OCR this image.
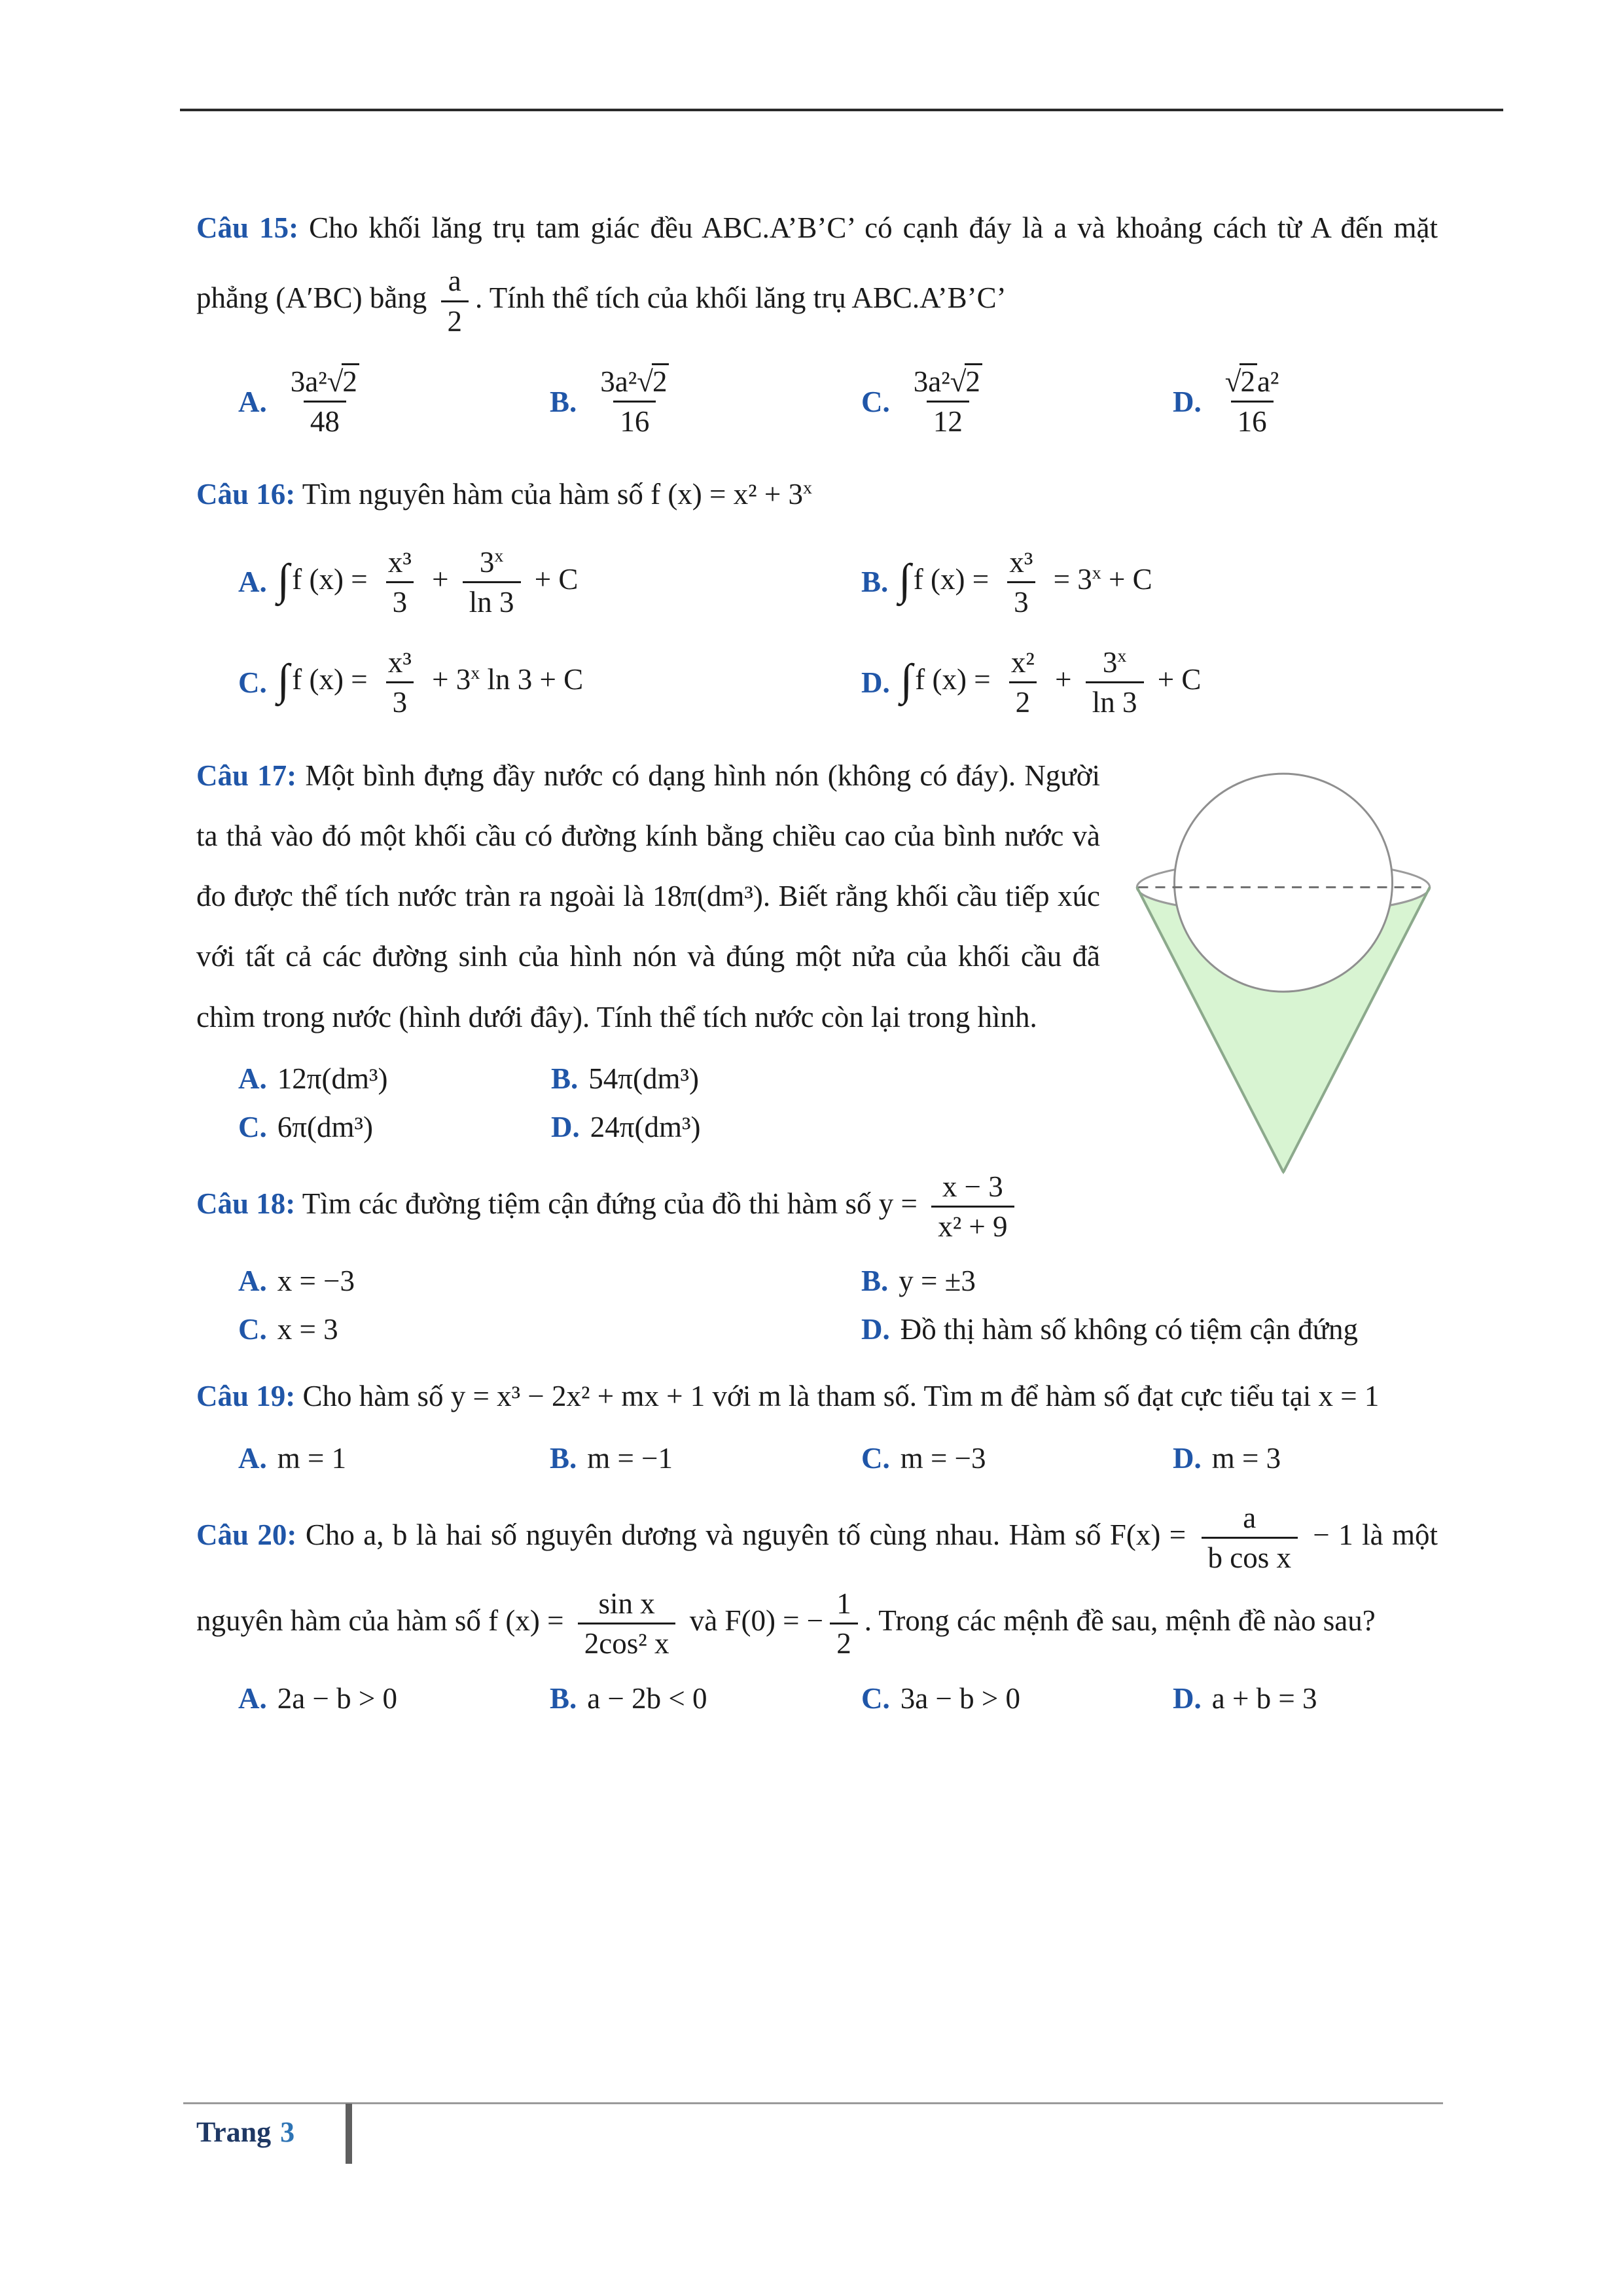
Câu 15: Cho khối lăng trụ tam giác đều ABC.A’B’C’ có cạnh đáy là a và khoảng cách từ A đến mặt phẳng (A′BC) bằng $\frac{a}{2}$ . Tính thể tích của khối lăng trụ ABC.A’B’C’

A. $\frac{\text{3a²√2}}{48}$	B. $\frac{\text{3a²√2}}{16}$	C. $\frac{\text{3a²√2}}{12}$	D. $\frac{\text{√2a²}}{16}$

Câu 16: Tìm nguyên hàm của hàm số f $(x) = x^2 + 3^x$

A. ∫f $(x) = \frac{\text{x³}}{3} + \frac{3^x}{\ln 3} + C$	B. ∫f $(x) = \frac{\text{x³}}{3} = 3^x + C$
C. ∫f $(x) = \frac{\text{x³}}{3} + 3^x$ ln 3 + C	D. ∫f $(x) = \frac{\text{x²}}{2} + \frac{3^x}{\ln 3} + C$

Câu 17: Một bình đựng đầy nước có dạng hình nón (không có đáy). Người ta thả vào đó một khối cầu có đường kính bằng chiều cao của bình nước và đo được thể tích nước tràn ra ngoài là 18π(dm³). Biết rằng khối cầu tiếp xúc với tất cả các đường sinh của hình nón và đúng một nửa của khối cầu đã chìm trong nước (hình dưới đây). Tính thể tích nước còn lại trong hình.

A. 12π(dm³)	B. 54π(dm³)
C. 6π(dm³)	D. 24π(dm³)

Câu 18: Tìm các đường tiệm cận đứng của đồ thi hàm số $y = \frac{x - 3}{\text{x² + 9}}$

A. x = −3	B. y = ±3
C. x = 3	D. Đồ thị hàm số không có tiệm cận đứng

Câu 19: Cho hàm số y = x³ − 2x² + mx + 1 với m là tham số. Tìm m để hàm số đạt cực tiểu tại x = 1

A. m = 1	B. m = −1	C. m = −3	D. m = 3

Câu 20: Cho a, b là hai số nguyên dương và nguyên tố cùng nhau. Hàm số $F(x) = \frac{a}{\text{b cos x}} - 1$ là một nguyên hàm của hàm số f $(x) = \frac{\text{sin x}}{\text{2cos² x}}$ và F(0) = − $\frac{1}{2}$ . Trong các mệnh đề sau, mệnh đề nào sau?

A. 2a − b > 0	B. a − 2b < 0	C. 3a − b > 0	D. a + b = 3
Trang 3
